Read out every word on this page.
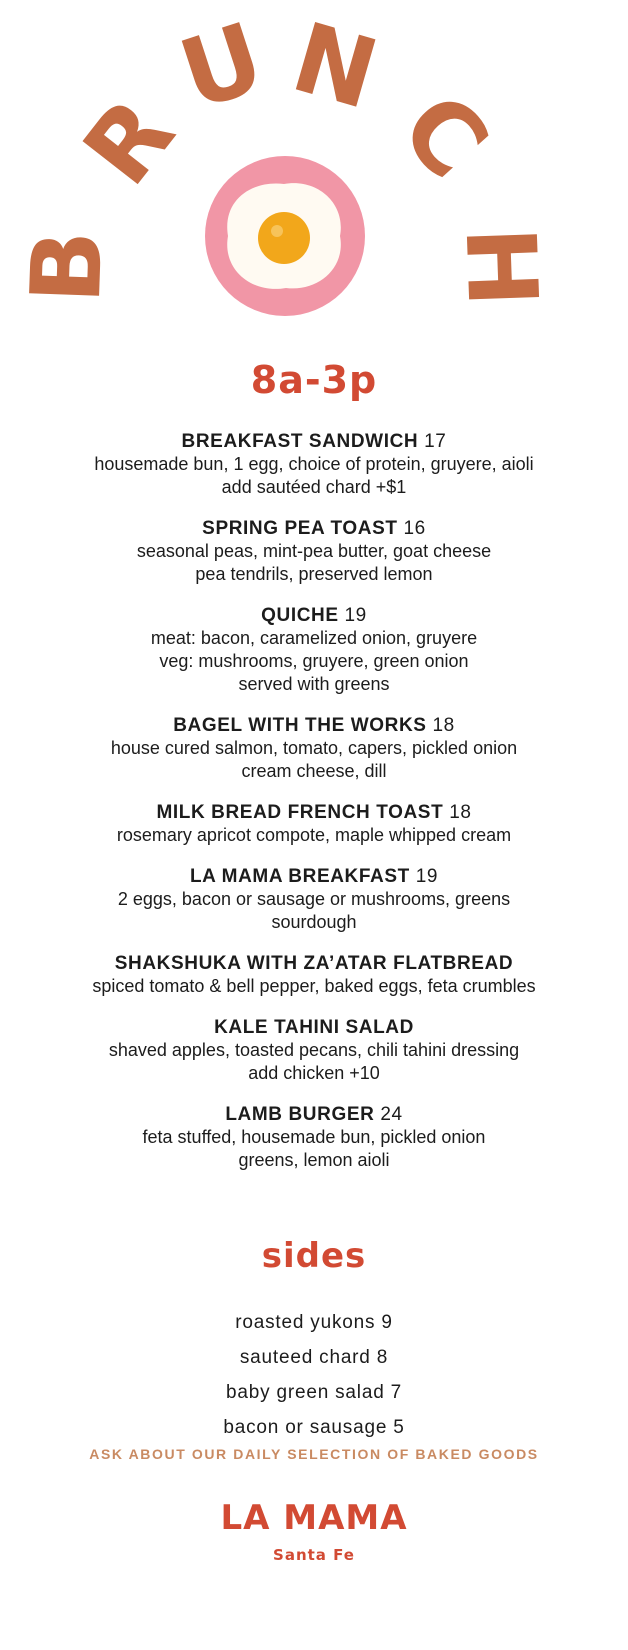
B
R
U N
C
H
8a-3p
BREAKFAST SANDWICH 17
housemade bun, 1 egg, choice of protein, gruyere, aioli
add sautéed chard +$1
SPRING PEA TOAST 16
seasonal peas, mint-pea butter, goat cheese
pea tendrils, preserved lemon
QUICHE 19
meat: bacon, caramelized onion, gruyere
veg: mushrooms, gruyere, green onion
served with greens
BAGEL WITH THE WORKS 18
house cured salmon, tomato, capers, pickled onion
cream cheese, dill
MILK BREAD FRENCH TOAST 18
rosemary apricot compote, maple whipped cream
LA MAMA BREAKFAST 19
2 eggs, bacon or sausage or mushrooms, greens
sourdough
SHAKSHUKA WITH ZA’ATAR FLATBREAD
spiced tomato & bell pepper, baked eggs, feta crumbles
KALE TAHINI SALAD
shaved apples, toasted pecans, chili tahini dressing
add chicken +10
LAMB BURGER 24
feta stuffed, housemade bun, pickled onion
greens, lemon aioli
sides
roasted yukons 9
sauteed chard 8
baby green salad 7
bacon or sausage 5
ASK ABOUT OUR DAILY SELECTION OF BAKED GOODS
LA MAMA
Santa Fe
